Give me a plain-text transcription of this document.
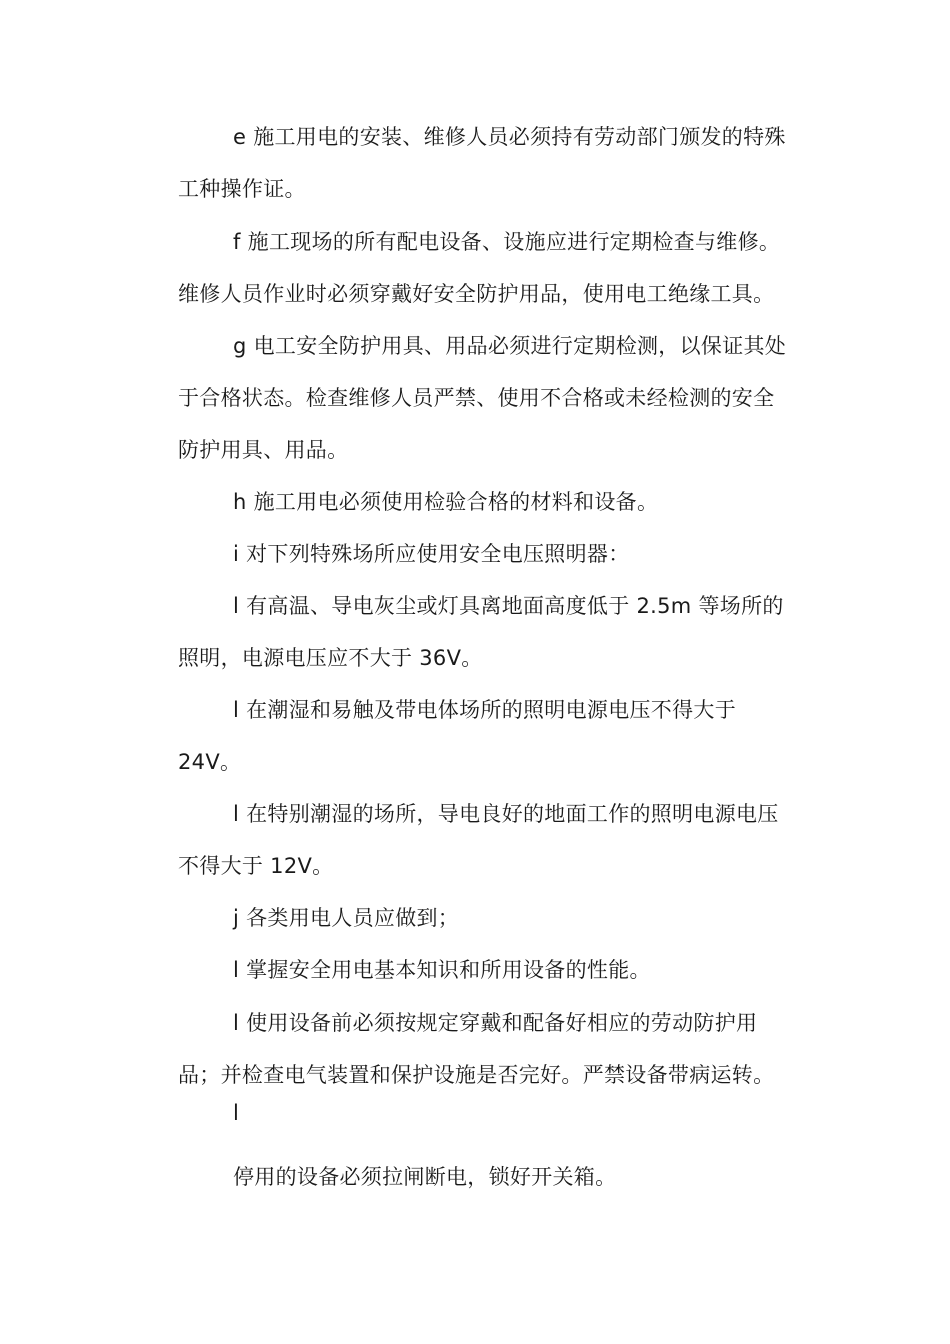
e 施工用电的安装、维修人员必须持有劳动部门颁发的特殊
工种操作证。
f 施工现场的所有配电设备、设施应进行定期检查与维修。
维修人员作业时必须穿戴好安全防护用品，使用电工绝缘工具。
g 电工安全防护用具、用品必须进行定期检测，以保证其处
于合格状态。检查维修人员严禁、使用不合格或未经检测的安全
防护用具、用品。
h 施工用电必须使用检验合格的材料和设备。
i 对下列特殊场所应使用安全电压照明器：
l 有高温、导电灰尘或灯具离地面高度低于 2.5m 等场所的
照明，电源电压应不大于 36V。
l 在潮湿和易触及带电体场所的照明电源电压不得大于
24V。
l 在特别潮湿的场所，导电良好的地面工作的照明电源电压
不得大于 12V。
j 各类用电人员应做到；
l 掌握安全用电基本知识和所用设备的性能。
l 使用设备前必须按规定穿戴和配备好相应的劳动防护用
品；并检查电气装置和保护设施是否完好。严禁设备带病运转。
l
停用的设备必须拉闸断电，锁好开关箱。
